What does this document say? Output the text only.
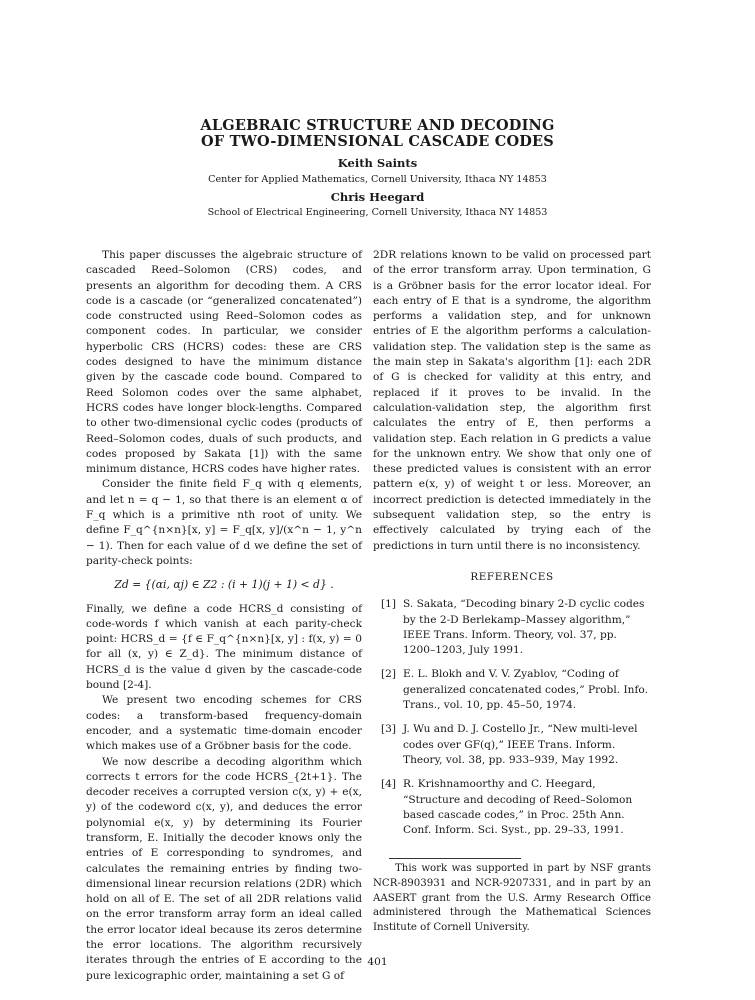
ALGEBRAIC STRUCTURE AND DECODING
OF TWO-DIMENSIONAL CASCADE CODES
Keith Saints
Center for Applied Mathematics, Cornell University, Ithaca NY 14853
Chris Heegard
School of Electrical Engineering, Cornell University, Ithaca NY 14853

This paper discusses the algebraic structure of cascaded Reed–Solomon (CRS) codes, and presents an algorithm for decoding them. A CRS code is a cascade (or “generalized concatenated”) code constructed using Reed–Solomon codes as component codes. In particular, we consider hyperbolic CRS (HCRS) codes: these are CRS codes designed to have the minimum distance given by the cascade code bound. Compared to Reed Solomon codes over the same alphabet, HCRS codes have longer block-lengths. Compared to other two-dimensional cyclic codes (products of Reed–Solomon codes, duals of such products, and codes proposed by Sakata [1]) with the same minimum distance, HCRS codes have higher rates.

Consider the finite field F_q with q elements, and let n = q − 1, so that there is an element α of F_q which is a primitive nth root of unity. We define F_q^{n×n}[x, y] = F_q[x, y]/(x^n − 1, y^n − 1). Then for each value of d we define the set of parity-check points:

Zd = {(αi, αj) ∈ Z2 : (i + 1)(j + 1) < d} .

Finally, we define a code HCRS_d consisting of code-words f which vanish at each parity-check point: HCRS_d = {f ∈ F_q^{n×n}[x, y] : f(x, y) = 0 for all (x, y) ∈ Z_d}. The minimum distance of HCRS_d is the value d given by the cascade-code bound [2-4].

We present two encoding schemes for CRS codes: a transform-based frequency-domain encoder, and a systematic time-domain encoder which makes use of a Gröbner basis for the code.

We now describe a decoding algorithm which corrects t errors for the code HCRS_{2t+1}. The decoder receives a corrupted version c(x, y) + e(x, y) of the codeword c(x, y), and deduces the error polynomial e(x, y) by determining its Fourier transform, E. Initially the decoder knows only the entries of E corresponding to syndromes, and calculates the remaining entries by finding two-dimensional linear recursion relations (2DR) which hold on all of E. The set of all 2DR relations valid on the error transform array form an ideal called the error locator ideal because its zeros determine the error locations. The algorithm recursively iterates through the entries of E according to the pure lexicographic order, maintaining a set G of

2DR relations known to be valid on processed part of the error transform array. Upon termination, G is a Gröbner basis for the error locator ideal. For each entry of E that is a syndrome, the algorithm performs a validation step, and for unknown entries of E the algorithm performs a calculation-validation step. The validation step is the same as the main step in Sakata's algorithm [1]: each 2DR of G is checked for validity at this entry, and replaced if it proves to be invalid. In the calculation-validation step, the algorithm first calculates the entry of E, then performs a validation step. Each relation in G predicts a value for the unknown entry. We show that only one of these predicted values is consistent with an error pattern e(x, y) of weight t or less. Moreover, an incorrect prediction is detected immediately in the subsequent validation step, so the entry is effectively calculated by trying each of the predictions in turn until there is no inconsistency.

REFERENCES
[1] S. Sakata, “Decoding binary 2-D cyclic codes by the 2-D Berlekamp–Massey algorithm,” IEEE Trans. Inform. Theory, vol. 37, pp. 1200–1203, July 1991.
[2] E. L. Blokh and V. V. Zyablov, “Coding of generalized concatenated codes,” Probl. Info. Trans., vol. 10, pp. 45–50, 1974.
[3] J. Wu and D. J. Costello Jr., “New multi-level codes over GF(q),” IEEE Trans. Inform. Theory, vol. 38, pp. 933–939, May 1992.
[4] R. Krishnamoorthy and C. Heegard, “Structure and decoding of Reed–Solomon based cascade codes,” in Proc. 25th Ann. Conf. Inform. Sci. Syst., pp. 29–33, 1991.

This work was supported in part by NSF grants NCR-8903931 and NCR-9207331, and in part by an AASERT grant from the U.S. Army Research Office administered through the Mathematical Sciences Institute of Cornell University.

401
